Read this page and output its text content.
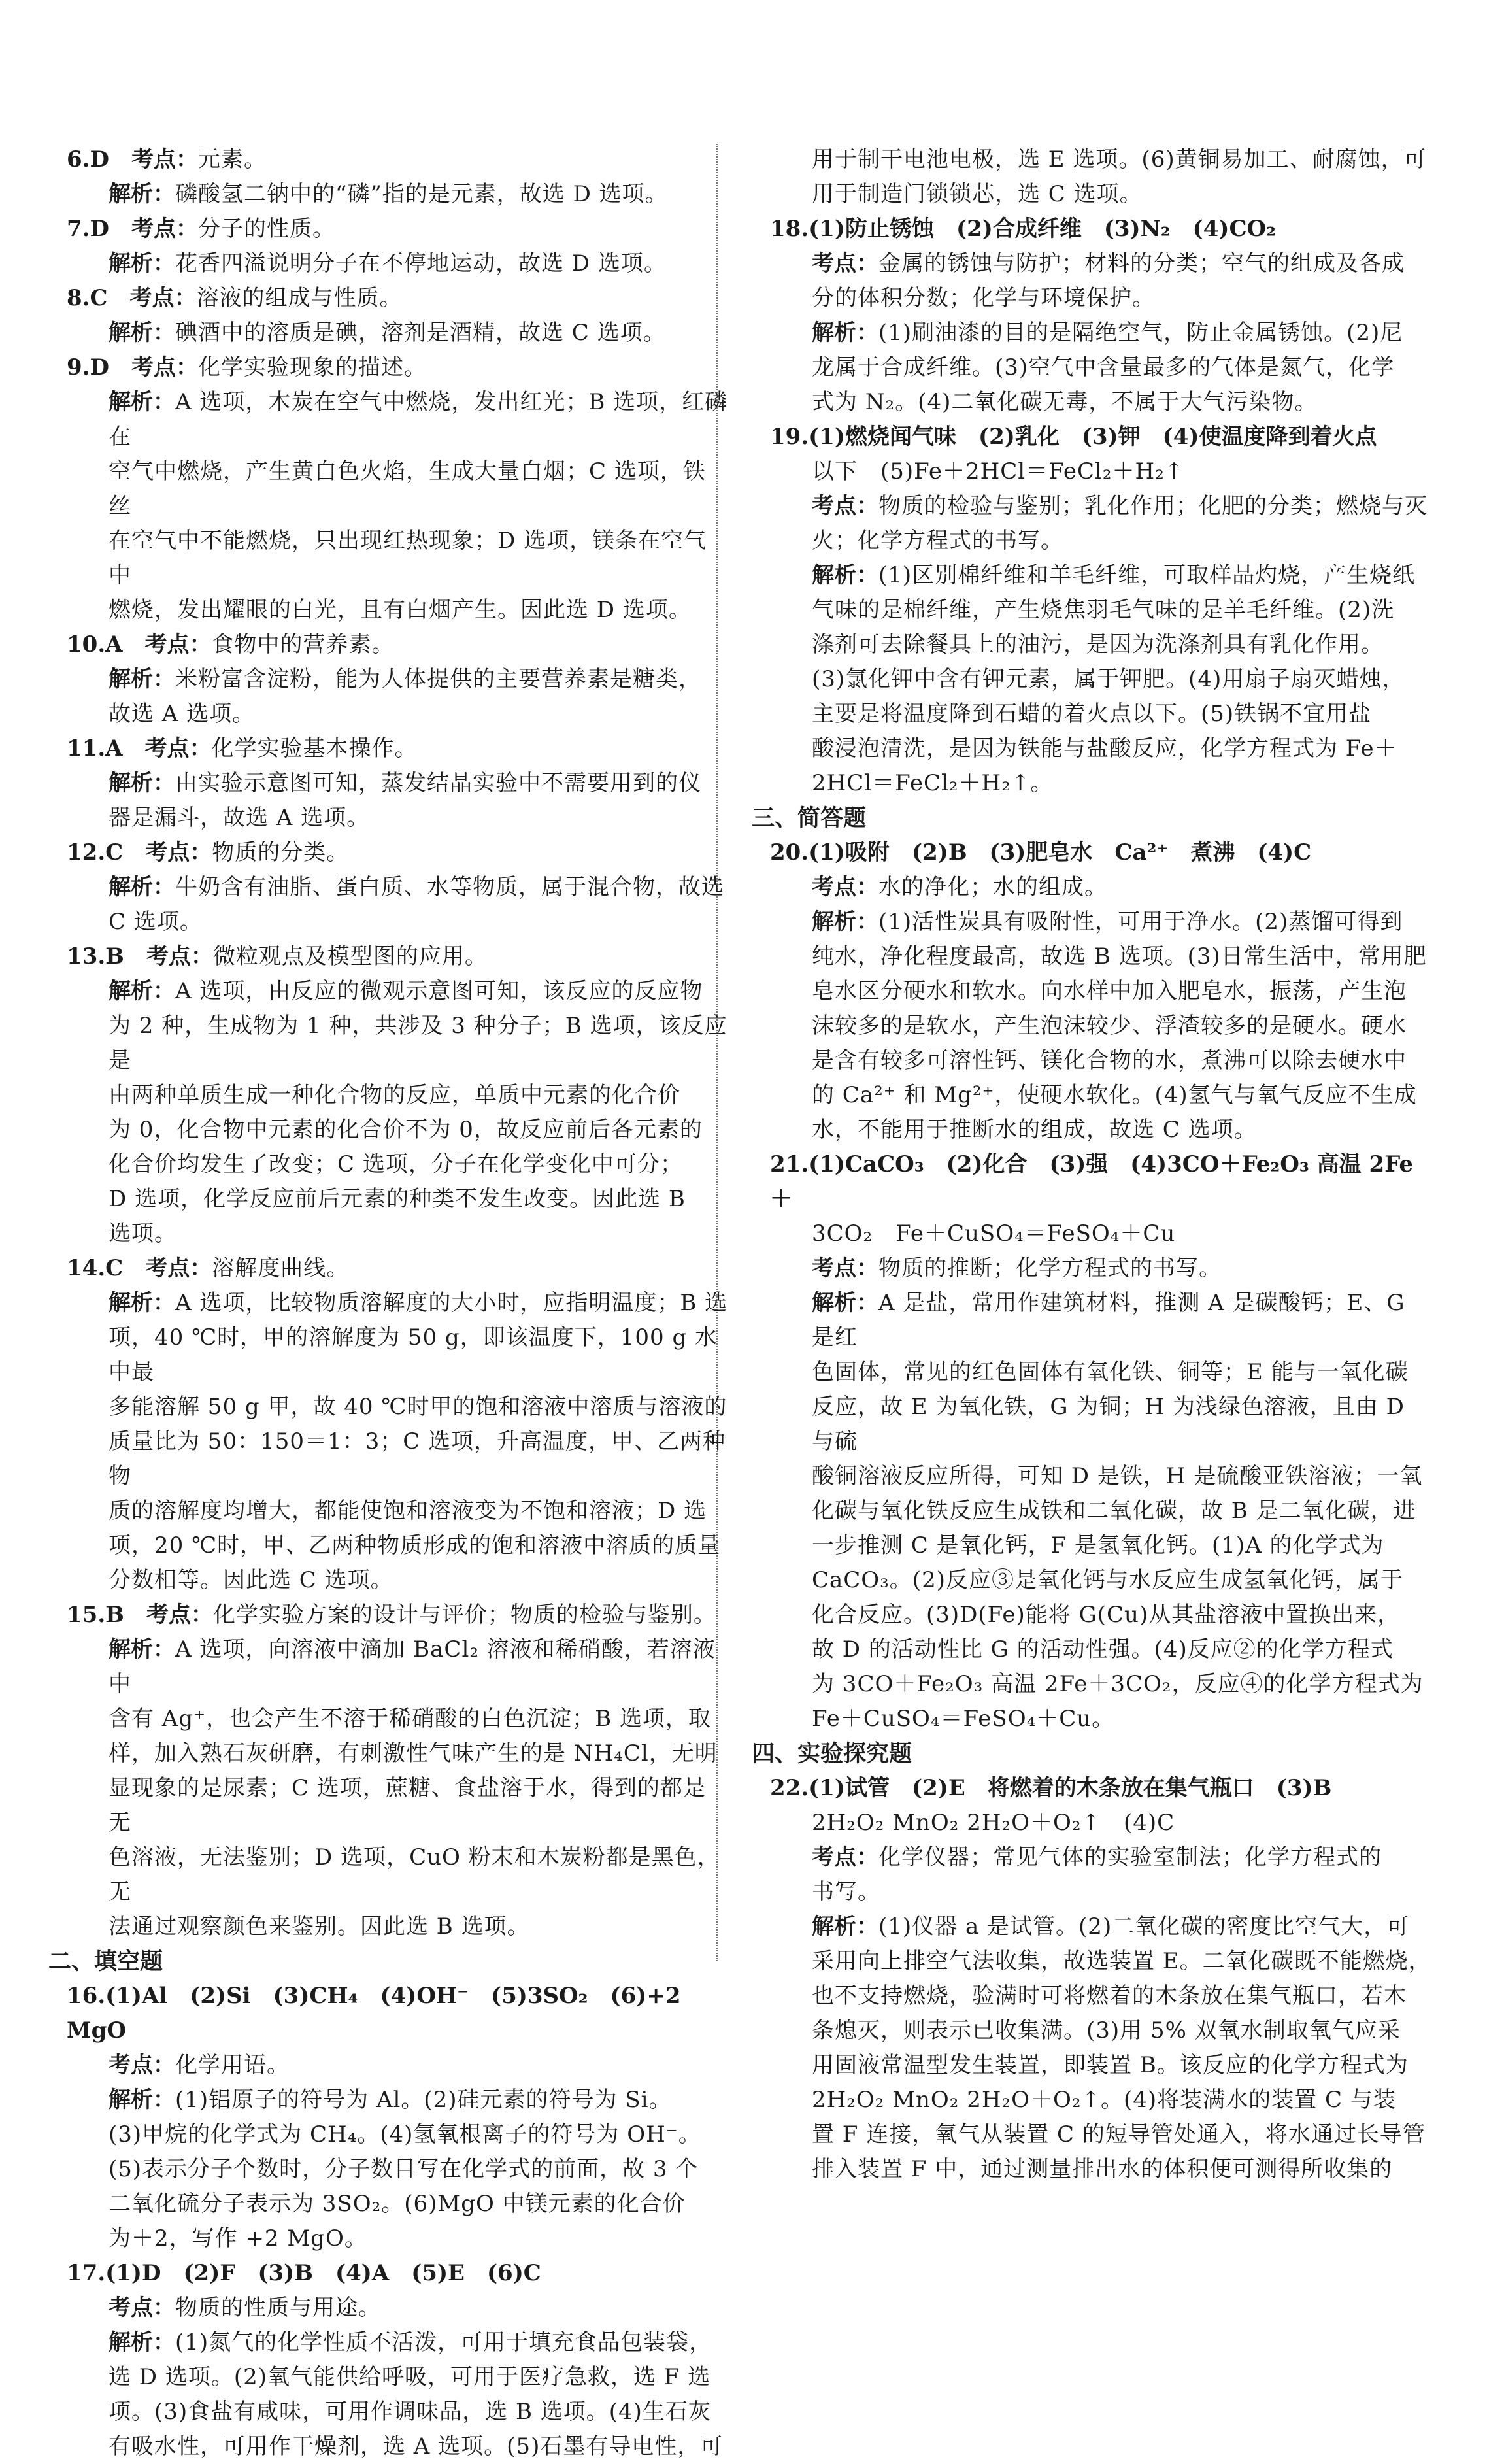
6.D　 考点：元素。
解析：磷酸氢二钠中的“磷”指的是元素，故选 D 选项。
7.D　 考点：分子的性质。
解析：花香四溢说明分子在不停地运动，故选 D 选项。
8.C　 考点：溶液的组成与性质。
解析：碘酒中的溶质是碘，溶剂是酒精，故选 C 选项。
9.D　 考点：化学实验现象的描述。
解析：A 选项，木炭在空气中燃烧，发出红光；B 选项，红磷在
空气中燃烧，产生黄白色火焰，生成大量白烟；C 选项，铁丝
在空气中不能燃烧，只出现红热现象；D 选项，镁条在空气中
燃烧，发出耀眼的白光，且有白烟产生。因此选 D 选项。
10.A　 考点：食物中的营养素。
解析：米粉富含淀粉，能为人体提供的主要营养素是糖类，
故选 A 选项。
11.A　 考点：化学实验基本操作。
解析：由实验示意图可知，蒸发结晶实验中不需要用到的仪
器是漏斗，故选 A 选项。
12.C　 考点：物质的分类。
解析：牛奶含有油脂、蛋白质、水等物质，属于混合物，故选
C 选项。
13.B　 考点：微粒观点及模型图的应用。
解析：A 选项，由反应的微观示意图可知，该反应的反应物
为 2 种，生成物为 1 种，共涉及 3 种分子；B 选项，该反应是
由两种单质生成一种化合物的反应，单质中元素的化合价
为 0，化合物中元素的化合价不为 0，故反应前后各元素的
化合价均发生了改变；C 选项，分子在化学变化中可分；
D 选项，化学反应前后元素的种类不发生改变。因此选 B
选项。
14.C　 考点：溶解度曲线。
解析：A 选项，比较物质溶解度的大小时，应指明温度；B 选
项，40 ℃时，甲的溶解度为 50 g，即该温度下，100 g 水中最
多能溶解 50 g 甲，故 40 ℃时甲的饱和溶液中溶质与溶液的
质量比为 50：150＝1：3；C 选项，升高温度，甲、乙两种物
质的溶解度均增大，都能使饱和溶液变为不饱和溶液；D 选
项，20 ℃时，甲、乙两种物质形成的饱和溶液中溶质的质量
分数相等。因此选 C 选项。
15.B　 考点：化学实验方案的设计与评价；物质的检验与鉴别。
解析：A 选项，向溶液中滴加 BaCl₂ 溶液和稀硝酸，若溶液中
含有 Ag⁺，也会产生不溶于稀硝酸的白色沉淀；B 选项，取
样，加入熟石灰研磨，有刺激性气味产生的是 NH₄Cl，无明
显现象的是尿素；C 选项，蔗糖、食盐溶于水，得到的都是无
色溶液，无法鉴别；D 选项，CuO 粉末和木炭粉都是黑色，无
法通过观察颜色来鉴别。因此选 B 选项。
二、填空题
16.(1)Al　(2)Si　(3)CH₄　(4)OH⁻　(5)3SO₂　(6)+2 MgO
考点：化学用语。
解析：(1)铝原子的符号为 Al。(2)硅元素的符号为 Si。
(3)甲烷的化学式为 CH₄。(4)氢氧根离子的符号为 OH⁻。
(5)表示分子个数时，分子数目写在化学式的前面，故 3 个
二氧化硫分子表示为 3SO₂。(6)MgO 中镁元素的化合价
为＋2，写作 +2 MgO。
17.(1)D　(2)F　(3)B　(4)A　(5)E　(6)C
考点：物质的性质与用途。
解析：(1)氮气的化学性质不活泼，可用于填充食品包装袋，
选 D 选项。(2)氧气能供给呼吸，可用于医疗急救，选 F 选
项。(3)食盐有咸味，可用作调味品，选 B 选项。(4)生石灰
有吸水性，可用作干燥剂，选 A 选项。(5)石墨有导电性，可
用于制干电池电极，选 E 选项。(6)黄铜易加工、耐腐蚀，可
用于制造门锁锁芯，选 C 选项。
18.(1)防止锈蚀　(2)合成纤维　(3)N₂　(4)CO₂
考点：金属的锈蚀与防护；材料的分类；空气的组成及各成
分的体积分数；化学与环境保护。
解析：(1)刷油漆的目的是隔绝空气，防止金属锈蚀。(2)尼
龙属于合成纤维。(3)空气中含量最多的气体是氮气，化学
式为 N₂。(4)二氧化碳无毒，不属于大气污染物。
19.(1)燃烧闻气味　(2)乳化　(3)钾　(4)使温度降到着火点
以下　(5)Fe＋2HCl＝FeCl₂＋H₂↑
考点：物质的检验与鉴别；乳化作用；化肥的分类；燃烧与灭
火；化学方程式的书写。
解析：(1)区别棉纤维和羊毛纤维，可取样品灼烧，产生烧纸
气味的是棉纤维，产生烧焦羽毛气味的是羊毛纤维。(2)洗
涤剂可去除餐具上的油污，是因为洗涤剂具有乳化作用。
(3)氯化钾中含有钾元素，属于钾肥。(4)用扇子扇灭蜡烛，
主要是将温度降到石蜡的着火点以下。(5)铁锅不宜用盐
酸浸泡清洗，是因为铁能与盐酸反应，化学方程式为 Fe＋
2HCl＝FeCl₂＋H₂↑。
三、简答题
20.(1)吸附　(2)B　(3)肥皂水　Ca²⁺　煮沸　(4)C
考点：水的净化；水的组成。
解析：(1)活性炭具有吸附性，可用于净水。(2)蒸馏可得到
纯水，净化程度最高，故选 B 选项。(3)日常生活中，常用肥
皂水区分硬水和软水。向水样中加入肥皂水，振荡，产生泡
沫较多的是软水，产生泡沫较少、浮渣较多的是硬水。硬水
是含有较多可溶性钙、镁化合物的水，煮沸可以除去硬水中
的 Ca²⁺ 和 Mg²⁺，使硬水软化。(4)氢气与氧气反应不生成
水，不能用于推断水的组成，故选 C 选项。
21.(1)CaCO₃　(2)化合　(3)强　(4)3CO＋Fe₂O₃ 高温 2Fe＋
3CO₂　Fe＋CuSO₄＝FeSO₄＋Cu
考点：物质的推断；化学方程式的书写。
解析：A 是盐，常用作建筑材料，推测 A 是碳酸钙；E、G 是红
色固体，常见的红色固体有氧化铁、铜等；E 能与一氧化碳
反应，故 E 为氧化铁，G 为铜；H 为浅绿色溶液，且由 D 与硫
酸铜溶液反应所得，可知 D 是铁，H 是硫酸亚铁溶液；一氧
化碳与氧化铁反应生成铁和二氧化碳，故 B 是二氧化碳，进
一步推测 C 是氧化钙，F 是氢氧化钙。(1)A 的化学式为
CaCO₃。(2)反应③是氧化钙与水反应生成氢氧化钙，属于
化合反应。(3)D(Fe)能将 G(Cu)从其盐溶液中置换出来，
故 D 的活动性比 G 的活动性强。(4)反应②的化学方程式
为 3CO＋Fe₂O₃ 高温 2Fe＋3CO₂，反应④的化学方程式为
Fe＋CuSO₄＝FeSO₄＋Cu。
四、实验探究题
22.(1)试管　(2)E　将燃着的木条放在集气瓶口　(3)B
2H₂O₂ MnO₂ 2H₂O＋O₂↑　(4)C
考点：化学仪器；常见气体的实验室制法；化学方程式的
书写。
解析：(1)仪器 a 是试管。(2)二氧化碳的密度比空气大，可
采用向上排空气法收集，故选装置 E。二氧化碳既不能燃烧，
也不支持燃烧，验满时可将燃着的木条放在集气瓶口，若木
条熄灭，则表示已收集满。(3)用 5% 双氧水制取氧气应采
用固液常温型发生装置，即装置 B。该反应的化学方程式为
2H₂O₂ MnO₂ 2H₂O＋O₂↑。(4)将装满水的装置 C 与装
置 F 连接，氧气从装置 C 的短导管处通入，将水通过长导管
排入装置 F 中，通过测量排出水的体积便可测得所收集的
